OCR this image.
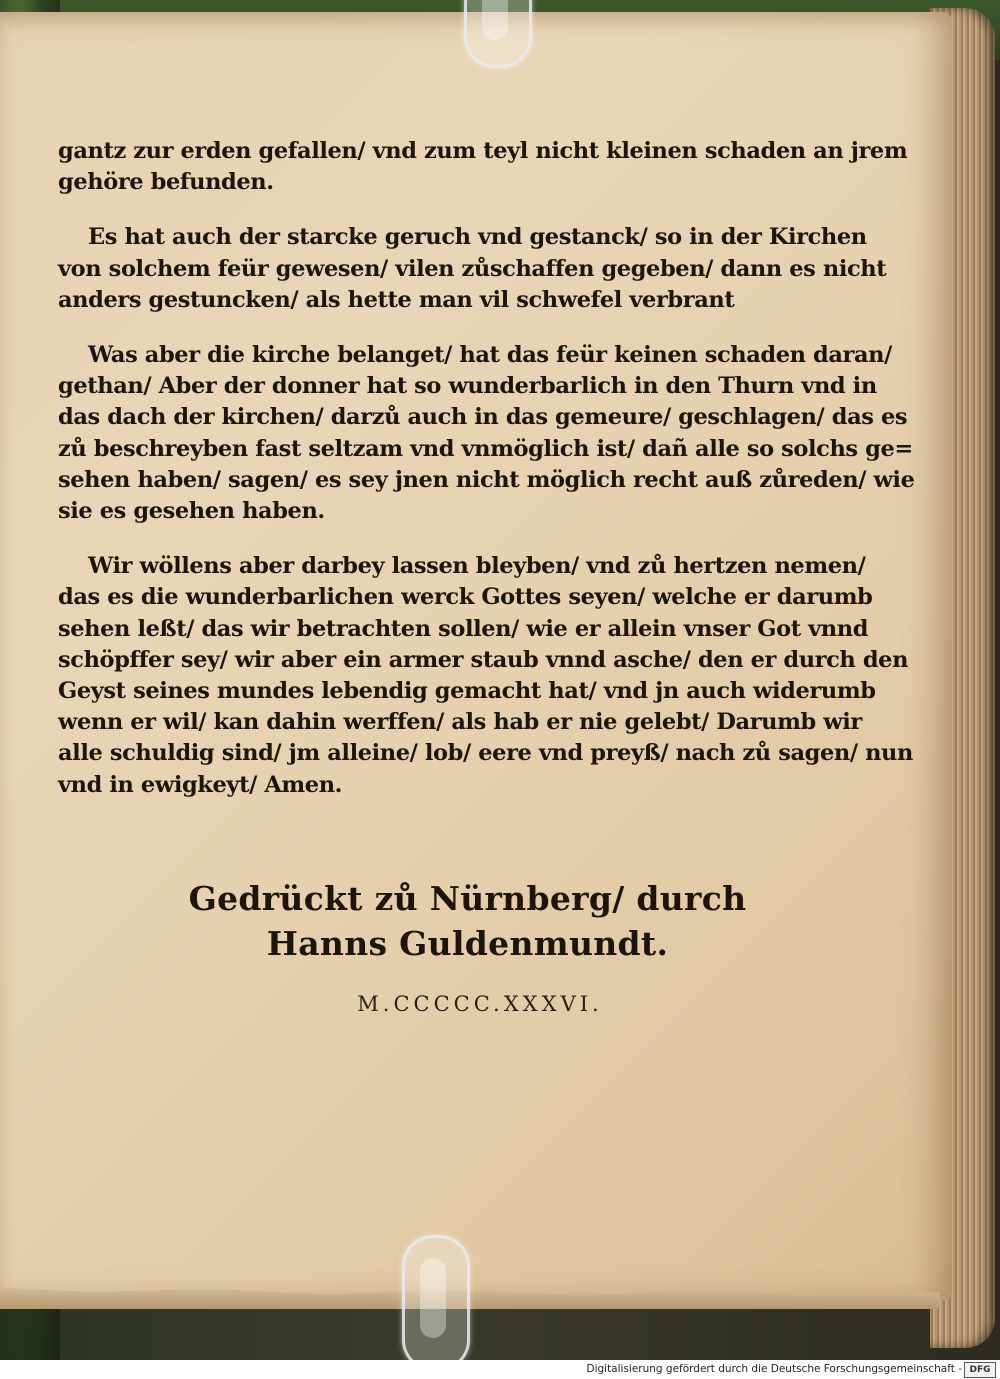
gantz zur erden gefallen/ vnd zum teyl nicht kleinen schaden an jrem
gehöre befunden.

Es hat auch der starcke geruch vnd gestanck/ so in der Kirchen
von solchem feür gewesen/ vilen zůschaffen gegeben/ dann es nicht
anders gestuncken/ als hette man vil schwefel verbrant

Was aber die kirche belanget/ hat das feür keinen schaden daran/
gethan/ Aber der donner hat so wunderbarlich in den Thurn vnd in
das dach der kirchen/ darzů auch in das gemeure/ geschlagen/ das es
zů beschreyben fast seltzam vnd vnmöglich ist/ dañ alle so solchs ge=
sehen haben/ sagen/ es sey jnen nicht möglich recht auß zůreden/ wie
sie es gesehen haben.

Wir wöllens aber darbey lassen bleyben/ vnd zů hertzen nemen/
das es die wunderbarlichen werck Gottes seyen/ welche er darumb
sehen leßt/ das wir betrachten sollen/ wie er allein vnser Got vnnd
schöpffer sey/ wir aber ein armer staub vnnd asche/ den er durch den
Geyst seines mundes lebendig gemacht hat/ vnd jn auch widerumb
wenn er wil/ kan dahin werffen/ als hab er nie gelebt/ Darumb wir
alle schuldig sind/ jm alleine/ lob/ eere vnd preyß/ nach zů sagen/ nun
vnd in ewigkeyt/ Amen.

Gedrückt zů Nürnberg/ durch
Hanns Guldenmundt.
M.CCCCC.XXXVI.
Digitalisierung gefördert durch die Deutsche Forschungsgemeinschaft - DFG
